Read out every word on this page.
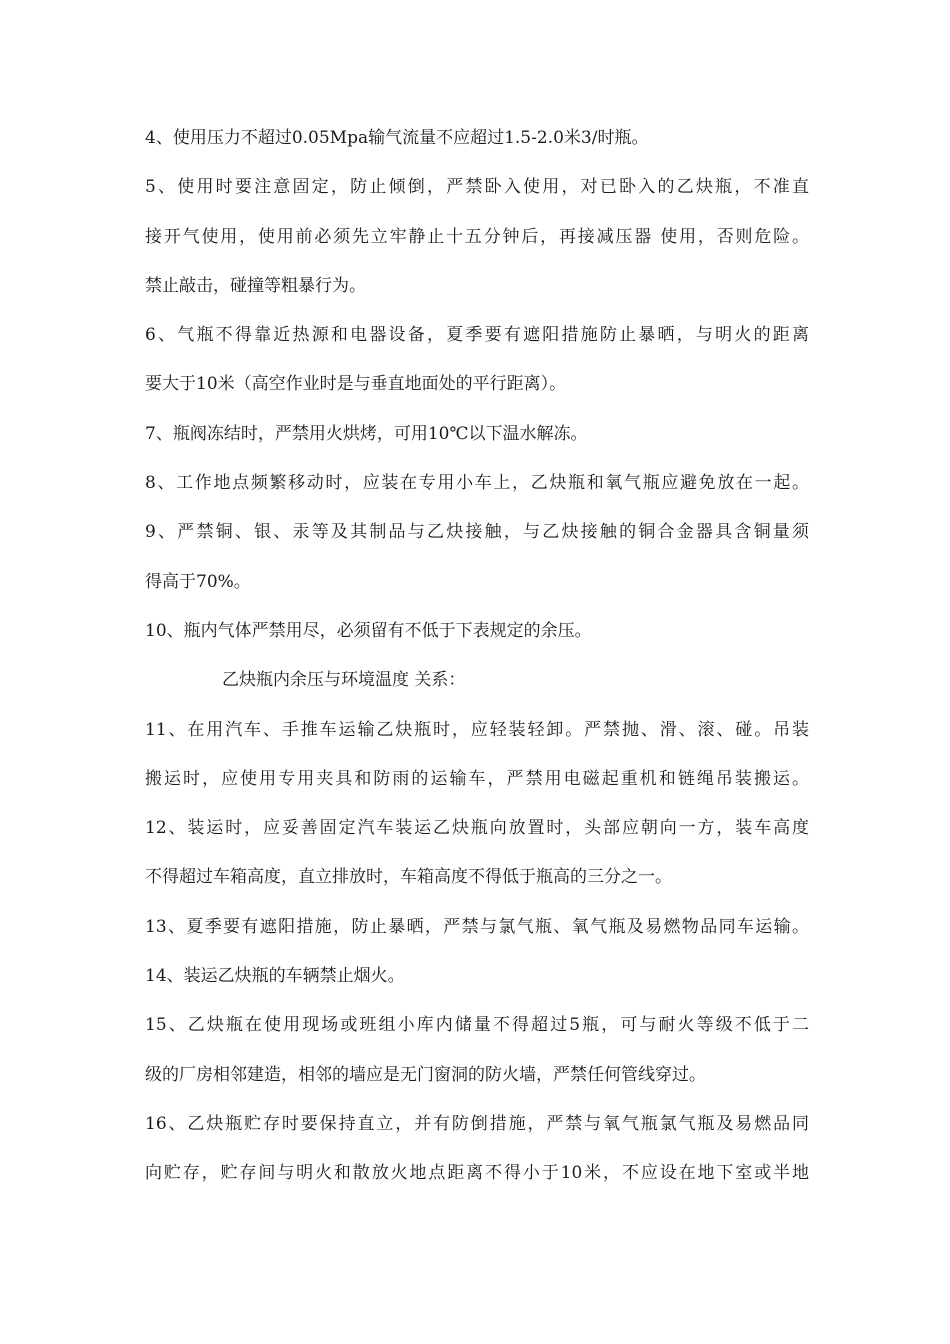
4、使用压力不超过0.05Mpa输气流量不应超过1.5-2.0米3/时瓶。
5、使用时要注意固定，防止倾倒，严禁卧入使用，对已卧入的乙炔瓶，不准直
接开气使用，使用前必须先立牢静止十五分钟后，再接减压器 使用，否则危险。
禁止敲击，碰撞等粗暴行为。
6、气瓶不得靠近热源和电器设备，夏季要有遮阳措施防止暴晒，与明火的距离
要大于10米（高空作业时是与垂直地面处的平行距离）。
7、瓶阀冻结时，严禁用火烘烤，可用10℃以下温水解冻。
8、工作地点频繁移动时，应装在专用小车上，乙炔瓶和氧气瓶应避免放在一起。
9、严禁铜、银、汞等及其制品与乙炔接触，与乙炔接触的铜合金器具含铜量须
得高于70%。
10、瓶内气体严禁用尽，必须留有不低于下表规定的余压。
乙炔瓶内余压与环境温度 关系：
11、在用汽车、手推车运输乙炔瓶时，应轻装轻卸。严禁抛、滑、滚、碰。吊装
搬运时，应使用专用夹具和防雨的运输车，严禁用电磁起重机和链绳吊装搬运。
12、装运时，应妥善固定汽车装运乙炔瓶向放置时，头部应朝向一方，装车高度
不得超过车箱高度，直立排放时，车箱高度不得低于瓶高的三分之一。
13、夏季要有遮阳措施，防止暴晒，严禁与氯气瓶、氧气瓶及易燃物品同车运输。
14、装运乙炔瓶的车辆禁止烟火。
15、乙炔瓶在使用现场或班组小库内储量不得超过5瓶，可与耐火等级不低于二
级的厂房相邻建造，相邻的墙应是无门窗洞的防火墙，严禁任何管线穿过。
16、乙炔瓶贮存时要保持直立，并有防倒措施，严禁与氧气瓶氯气瓶及易燃品同
向贮存，贮存间与明火和散放火地点距离不得小于10米，不应设在地下室或半地
